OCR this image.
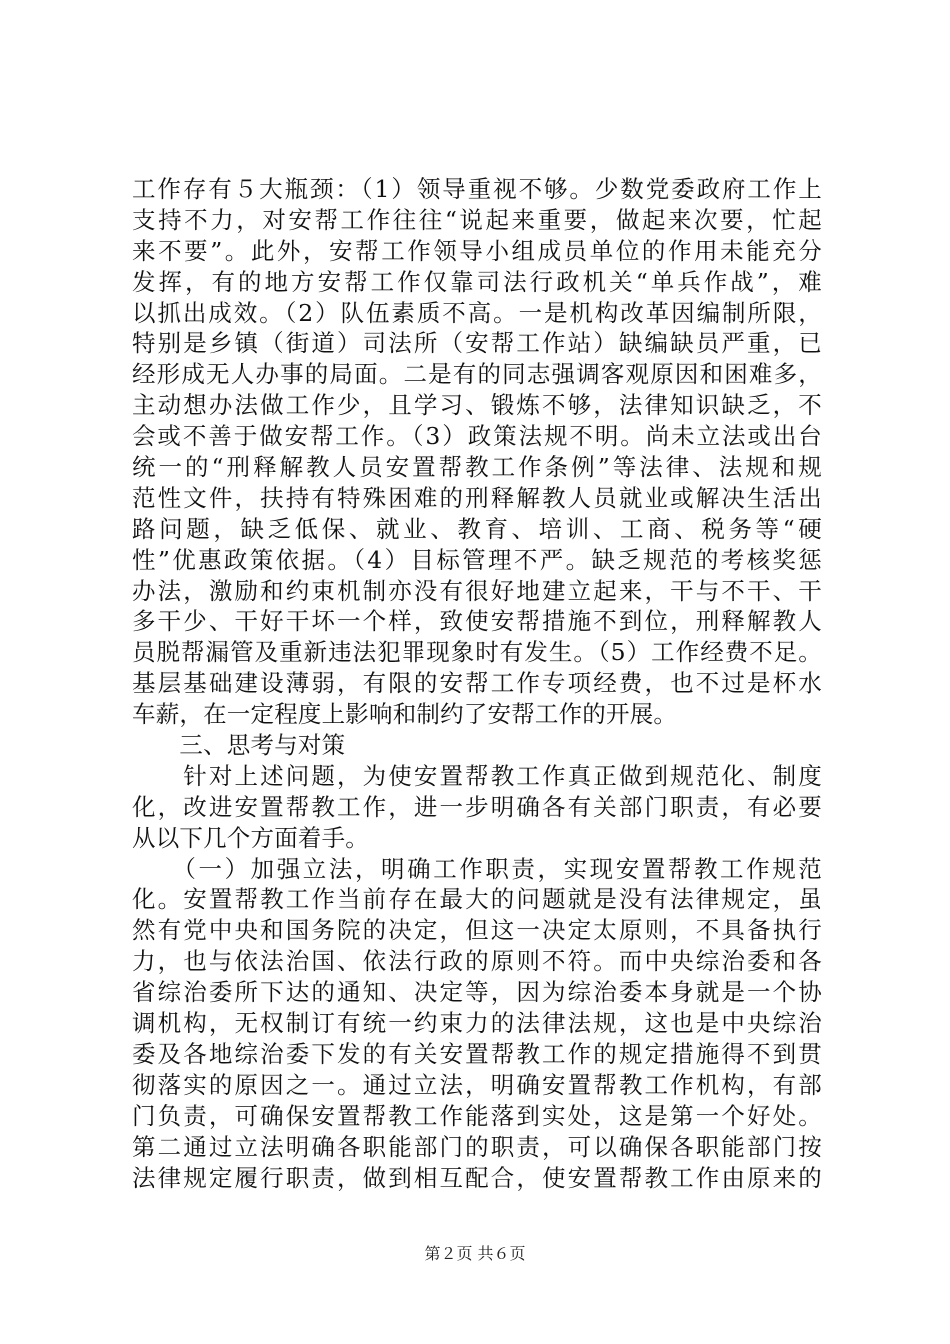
工作存有５大瓶颈：（1）领导重视不够。少数党委政府工作上
支持不力，对安帮工作往往“说起来重要，做起来次要，忙起
来不要”。此外，安帮工作领导小组成员单位的作用未能充分
发挥，有的地方安帮工作仅靠司法行政机关“单兵作战”，难
以抓出成效。（2）队伍素质不高。一是机构改革因编制所限，
特别是乡镇（街道）司法所（安帮工作站）缺编缺员严重，已
经形成无人办事的局面。二是有的同志强调客观原因和困难多，
主动想办法做工作少，且学习、锻炼不够，法律知识缺乏，不
会或不善于做安帮工作。（3）政策法规不明。尚未立法或出台
统一的“刑释解教人员安置帮教工作条例”等法律、法规和规
范性文件，扶持有特殊困难的刑释解教人员就业或解决生活出
路问题，缺乏低保、就业、教育、培训、工商、税务等“硬
性”优惠政策依据。（4）目标管理不严。缺乏规范的考核奖惩
办法，激励和约束机制亦没有很好地建立起来，干与不干、干
多干少、干好干坏一个样，致使安帮措施不到位，刑释解教人
员脱帮漏管及重新违法犯罪现象时有发生。（5）工作经费不足。
基层基础建设薄弱，有限的安帮工作专项经费，也不过是杯水
车薪，在一定程度上影响和制约了安帮工作的开展。
　　三、思考与对策
　　针对上述问题，为使安置帮教工作真正做到规范化、制度
化，改进安置帮教工作，进一步明确各有关部门职责，有必要
从以下几个方面着手。
　　（一）加强立法，明确工作职责，实现安置帮教工作规范
化。安置帮教工作当前存在最大的问题就是没有法律规定，虽
然有党中央和国务院的决定，但这一决定太原则，不具备执行
力，也与依法治国、依法行政的原则不符。而中央综治委和各
省综治委所下达的通知、决定等，因为综治委本身就是一个协
调机构，无权制订有统一约束力的法律法规，这也是中央综治
委及各地综治委下发的有关安置帮教工作的规定措施得不到贯
彻落实的原因之一。通过立法，明确安置帮教工作机构，有部
门负责，可确保安置帮教工作能落到实处，这是第一个好处。
第二通过立法明确各职能部门的职责，可以确保各职能部门按
法律规定履行职责，做到相互配合，使安置帮教工作由原来的
第２页 共６页
